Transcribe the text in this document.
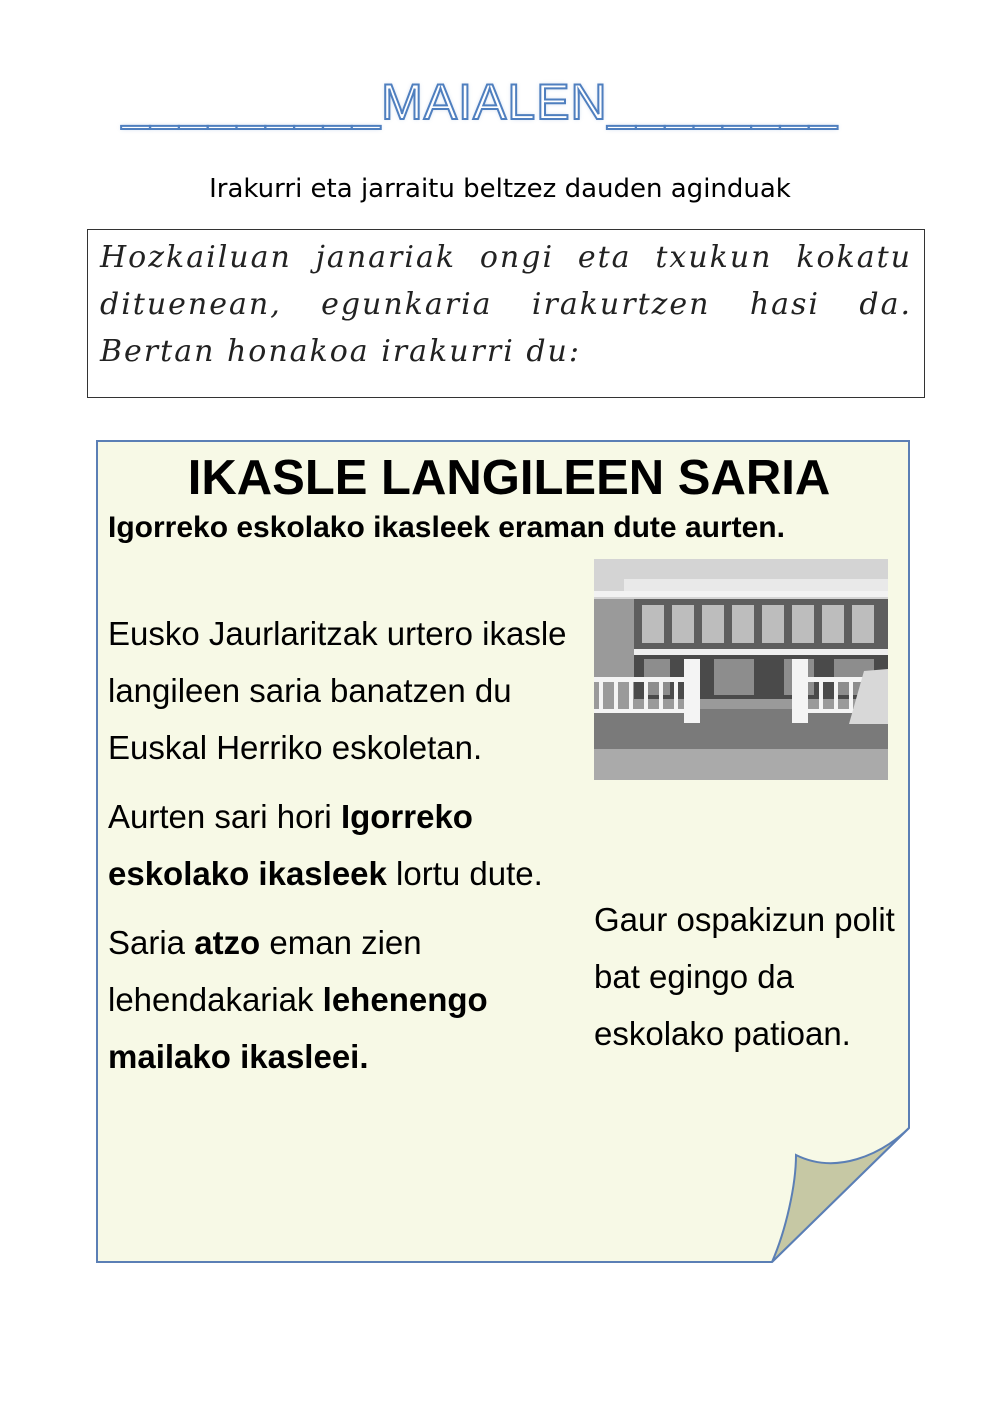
_________MAIALEN________
Irakurri eta jarraitu beltzez dauden aginduak
Hozkailuan janariak ongi eta txukun kokatu dituenean, egunkaria irakurtzen hasi da. Bertan honakoa irakurri du:
IKASLE LANGILEEN SARIA
Igorreko eskolako ikasleek eraman dute aurten.

Eusko Jaurlaritzak urtero ikasle langileen saria banatzen du Euskal Herriko eskoletan.

Aurten sari hori Igorreko eskolako ikasleek lortu dute.

Saria atzo eman zien lehendakariak lehenengo mailako ikasleei.

Gaur ospakizun polit bat egingo da eskolako patioan.
